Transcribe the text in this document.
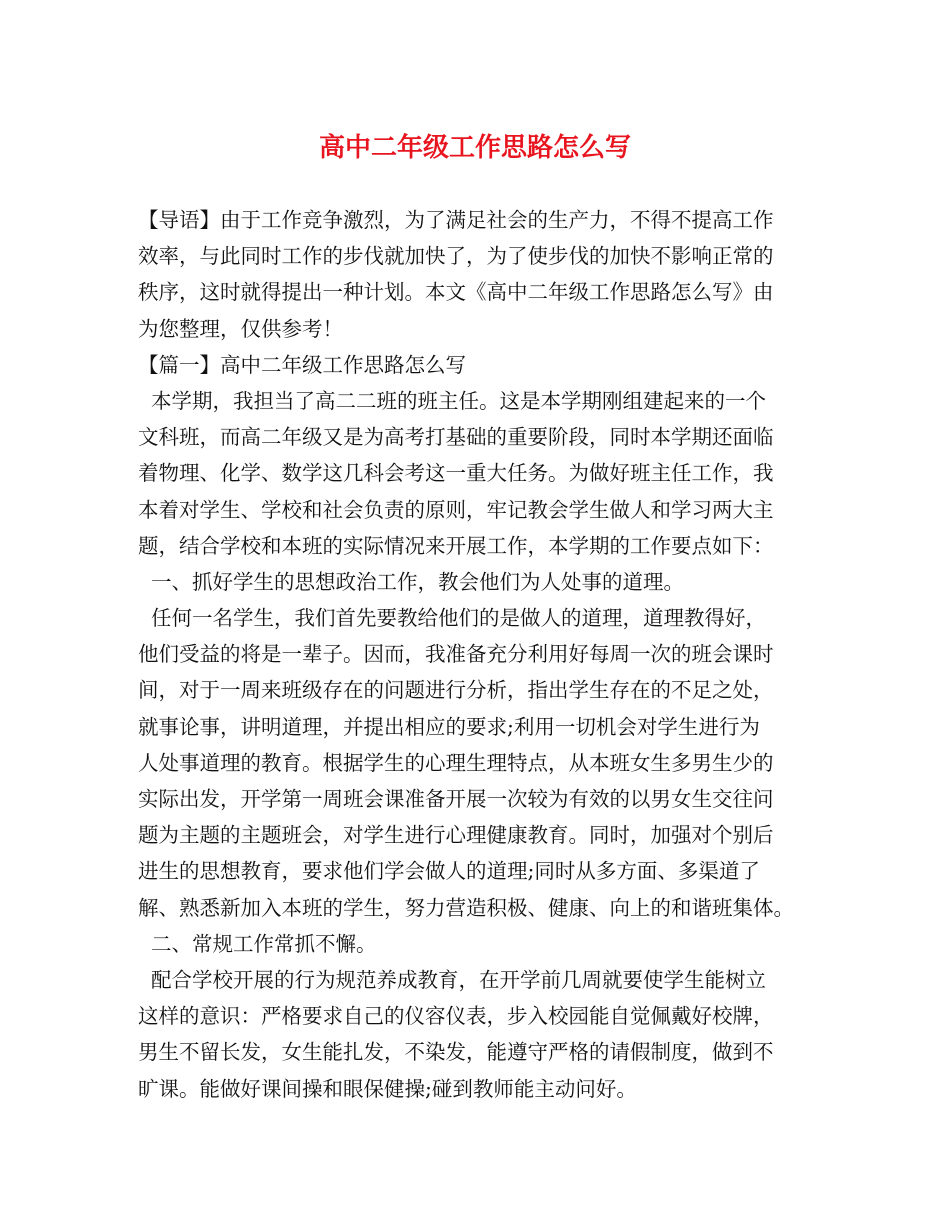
高中二年级工作思路怎么写
【导语】由于工作竞争激烈，为了满足社会的生产力，不得不提高工作
效率，与此同时工作的步伐就加快了，为了使步伐的加快不影响正常的
秩序，这时就得提出一种计划。本文《高中二年级工作思路怎么写》由
为您整理，仅供参考！
【篇一】高中二年级工作思路怎么写
本学期，我担当了高二二班的班主任。这是本学期刚组建起来的一个
文科班，而高二年级又是为高考打基础的重要阶段，同时本学期还面临
着物理、化学、数学这几科会考这一重大任务。为做好班主任工作，我
本着对学生、学校和社会负责的原则，牢记教会学生做人和学习两大主
题，结合学校和本班的实际情况来开展工作，本学期的工作要点如下：
一、抓好学生的思想政治工作，教会他们为人处事的道理。
任何一名学生，我们首先要教给他们的是做人的道理，道理教得好，
他们受益的将是一辈子。因而，我准备充分利用好每周一次的班会课时
间，对于一周来班级存在的问题进行分析，指出学生存在的不足之处，
就事论事，讲明道理，并提出相应的要求;利用一切机会对学生进行为
人处事道理的教育。根据学生的心理生理特点，从本班女生多男生少的
实际出发，开学第一周班会课准备开展一次较为有效的以男女生交往问
题为主题的主题班会，对学生进行心理健康教育。同时，加强对个别后
进生的思想教育，要求他们学会做人的道理;同时从多方面、多渠道了
解、熟悉新加入本班的学生，努力营造积极、健康、向上的和谐班集体。
二、常规工作常抓不懈。
配合学校开展的行为规范养成教育，在开学前几周就要使学生能树立
这样的意识：严格要求自己的仪容仪表，步入校园能自觉佩戴好校牌，
男生不留长发，女生能扎发，不染发，能遵守严格的请假制度，做到不
旷课。能做好课间操和眼保健操;碰到教师能主动问好。
